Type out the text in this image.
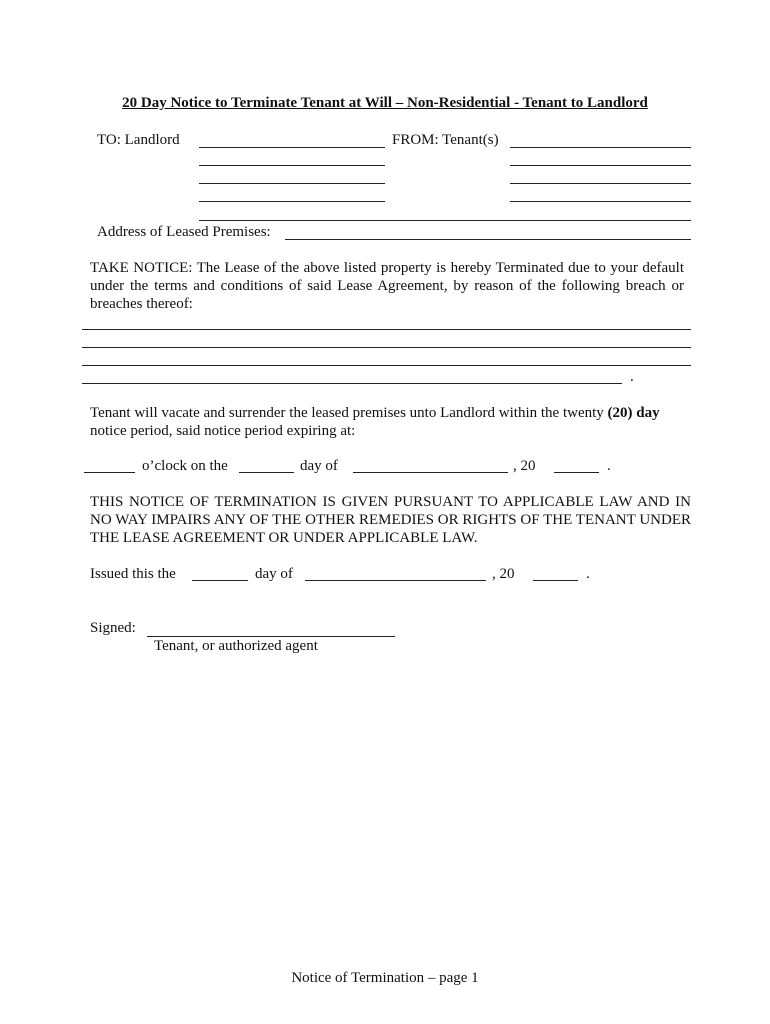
20 Day Notice to Terminate Tenant at Will – Non-Residential - Tenant to Landlord
TO: Landlord	FROM: Tenant(s)
Address of Leased Premises:
TAKE NOTICE: The Lease of the above listed property is hereby Terminated due to your default under the terms and conditions of said Lease Agreement, by reason of the following breach or breaches thereof:
.
Tenant will vacate and surrender the leased premises unto Landlord within the twenty (20) day
notice period, said notice period expiring at:
o’clock on the	day of	, 20	.
THIS NOTICE OF TERMINATION IS GIVEN PURSUANT TO APPLICABLE LAW AND IN NO WAY IMPAIRS ANY OF THE OTHER REMEDIES OR RIGHTS OF THE TENANT UNDER THE LEASE AGREEMENT OR UNDER APPLICABLE LAW.
Issued this the	day of	, 20	.
Signed:
Tenant, or authorized agent
Notice of Termination – page 1
